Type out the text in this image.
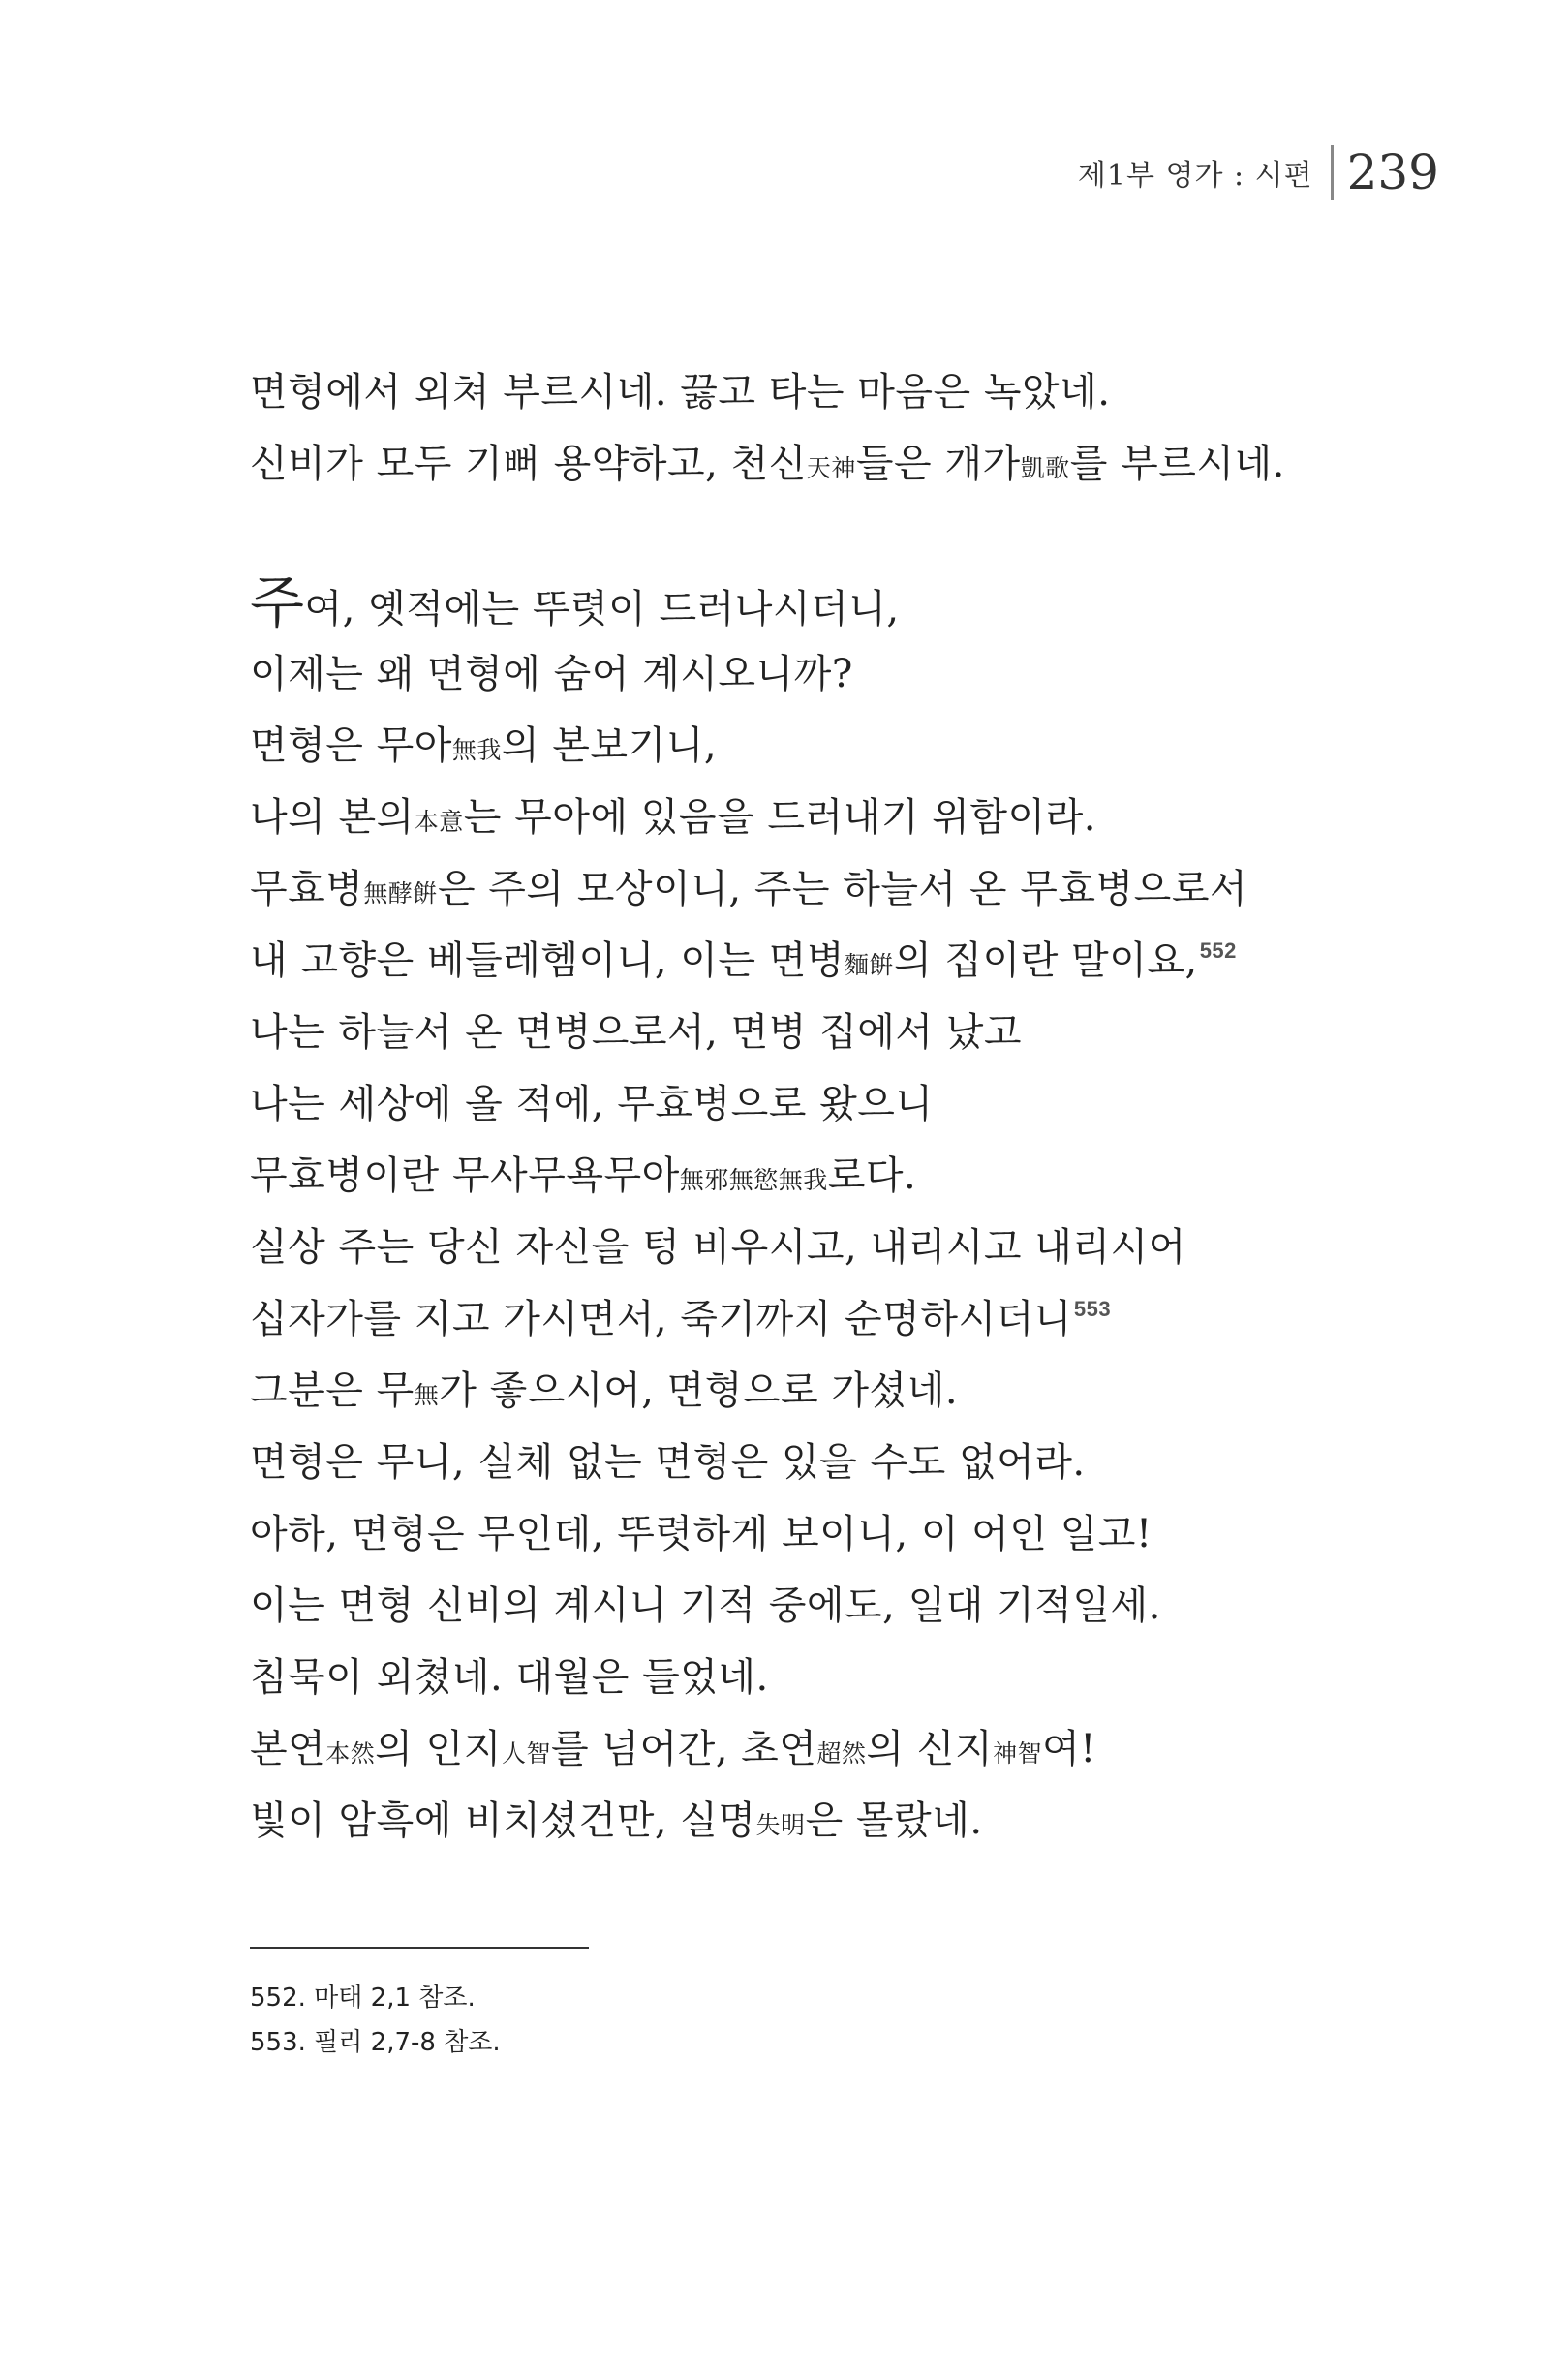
제1부 영가 : 시편 239

면형에서 외쳐 부르시네. 끓고 타는 마음은 녹았네.

신비가 모두 기뻐 용약하고, 천신天神들은 개가凱歌를 부르시네.

주여, 옛적에는 뚜렷이 드러나시더니,

이제는 왜 면형에 숨어 계시오니까?

면형은 무아無我의 본보기니,

나의 본의本意는 무아에 있음을 드러내기 위함이라.

무효병無酵餠은 주의 모상이니, 주는 하늘서 온 무효병으로서

내 고향은 베들레헴이니, 이는 면병麵餠의 집이란 말이요,$^{552}$

나는 하늘서 온 면병으로서, 면병 집에서 났고

나는 세상에 올 적에, 무효병으로 왔으니

무효병이란 무사무욕무아無邪無慾無我로다.

실상 주는 당신 자신을 텅 비우시고, 내리시고 내리시어

십자가를 지고 가시면서, 죽기까지 순명하시더니$^{553}$

그분은 무無가 좋으시어, 면형으로 가셨네.

면형은 무니, 실체 없는 면형은 있을 수도 없어라.

아하, 면형은 무인데, 뚜렷하게 보이니, 이 어인 일고!

이는 면형 신비의 계시니 기적 중에도, 일대 기적일세.

침묵이 외쳤네. 대월은 들었네.

본연本然의 인지人智를 넘어간, 초연超然의 신지神智여!

빛이 암흑에 비치셨건만, 실명失明은 몰랐네.

552. 마태 2,1 참조.

553. 필리 2,7-8 참조.
